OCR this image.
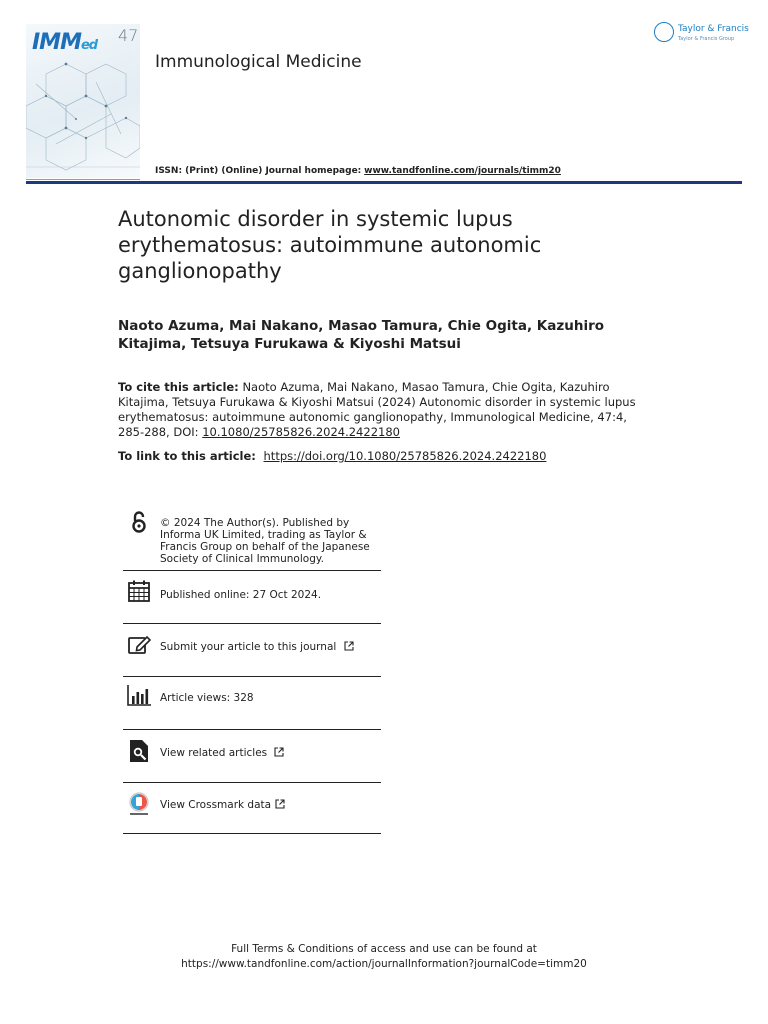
IMMed
47
Immunological Medicine
Taylor & Francis
Taylor & Francis Group
ISSN: (Print) (Online) Journal homepage: www.tandfonline.com/journals/timm20
Autonomic disorder in systemic lupus erythematosus: autoimmune autonomic ganglionopathy
Naoto Azuma, Mai Nakano, Masao Tamura, Chie Ogita, Kazuhiro Kitajima, Tetsuya Furukawa & Kiyoshi Matsui
To cite this article: Naoto Azuma, Mai Nakano, Masao Tamura, Chie Ogita, Kazuhiro Kitajima, Tetsuya Furukawa & Kiyoshi Matsui (2024) Autonomic disorder in systemic lupus erythematosus: autoimmune autonomic ganglionopathy, Immunological Medicine, 47:4, 285-288, DOI: 10.1080/25785826.2024.2422180
To link to this article: https://doi.org/10.1080/25785826.2024.2422180
© 2024 The Author(s). Published by Informa UK Limited, trading as Taylor & Francis Group on behalf of the Japanese Society of Clinical Immunology.
Published online: 27 Oct 2024.
Submit your article to this journal
Article views: 328
View related articles
View Crossmark data
Full Terms & Conditions of access and use can be found at
https://www.tandfonline.com/action/journalInformation?journalCode=timm20
